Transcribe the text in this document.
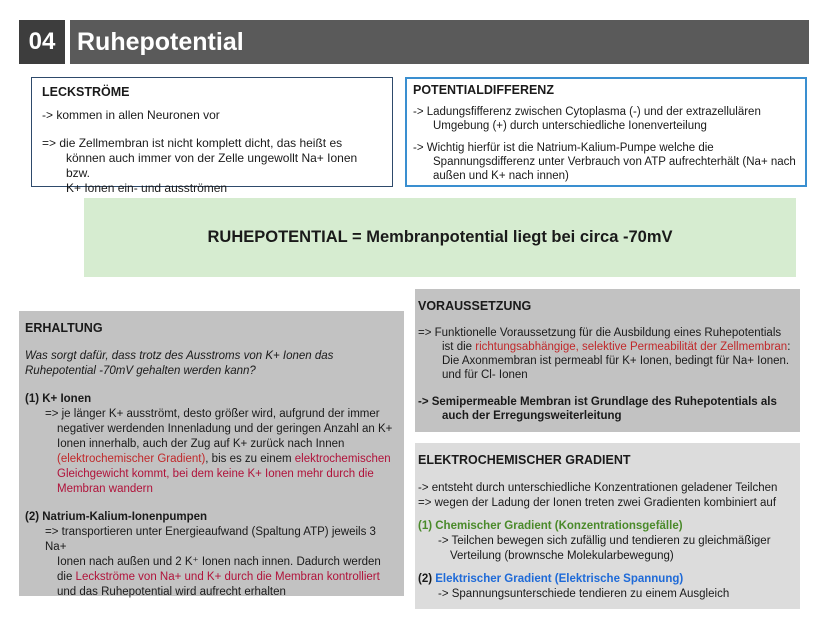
04 Ruhepotential

LECKSTRÖME

-> kommen in allen Neuronen vor

=> die Zellmembran ist nicht komplett dicht, das heißt es

können auch immer von der Zelle ungewollt Na+ Ionen bzw.

K+ Ionen ein- und ausströmen

POTENTIALDIFFERENZ

-> Ladungsfifferenz zwischen Cytoplasma (-) und der extrazellulären

Umgebung (+) durch unterschiedliche Ionenverteilung

-> Wichtig hierfür ist die Natrium-Kalium-Pumpe welche die

Spannungsdifferenz unter Verbrauch von ATP aufrechterhält (Na+ nach

außen und K+ nach innen)

RUHEPOTENTIAL = Membranpotential liegt bei circa -70mV

ERHALTUNG

Was sorgt dafür, dass trotz des Ausstroms von K+ Ionen das

Ruhepotential -70mV gehalten werden kann?

(1) K+ Ionen

=> je länger K+ ausströmt, desto größer wird, aufgrund der immer

negativer werdenden Innenladung und der geringen Anzahl an K+

Ionen innerhalb, auch der Zug auf K+ zurück nach Innen

(elektrochemischer Gradient), bis es zu einem elektrochemischen

Gleichgewicht kommt, bei dem keine K+ Ionen mehr durch die

Membran wandern

(2) Natrium-Kalium-Ionenpumpen

=> transportieren unter Energieaufwand (Spaltung ATP) jeweils 3 Na+

Ionen nach außen und 2 K⁺ Ionen nach innen. Dadurch werden

die Leckströme von Na+ und K+ durch die Membran kontrolliert

und das Ruhepotential wird aufrecht erhalten

VORAUSSETZUNG

=> Funktionelle Voraussetzung für die Ausbildung eines Ruhepotentials

ist die richtungsabhängige, selektive Permeabilität der Zellmembran:

Die Axonmembran ist permeabl für K+ Ionen, bedingt für Na+ Ionen.

und für Cl- Ionen

-> Semipermeable Membran ist Grundlage des Ruhepotentials als

auch der Erregungsweiterleitung

ELEKTROCHEMISCHER GRADIENT

-> entsteht durch unterschiedliche Konzentrationen geladener Teilchen

=> wegen der Ladung der Ionen treten zwei Gradienten kombiniert auf

(1) Chemischer Gradient (Konzentrationsgefälle)

-> Teilchen bewegen sich zufällig und tendieren zu gleichmäßiger

Verteilung (brownsche Molekularbewegung)

(2) Elektrischer Gradient (Elektrische Spannung)

-> Spannungsunterschiede tendieren zu einem Ausgleich
